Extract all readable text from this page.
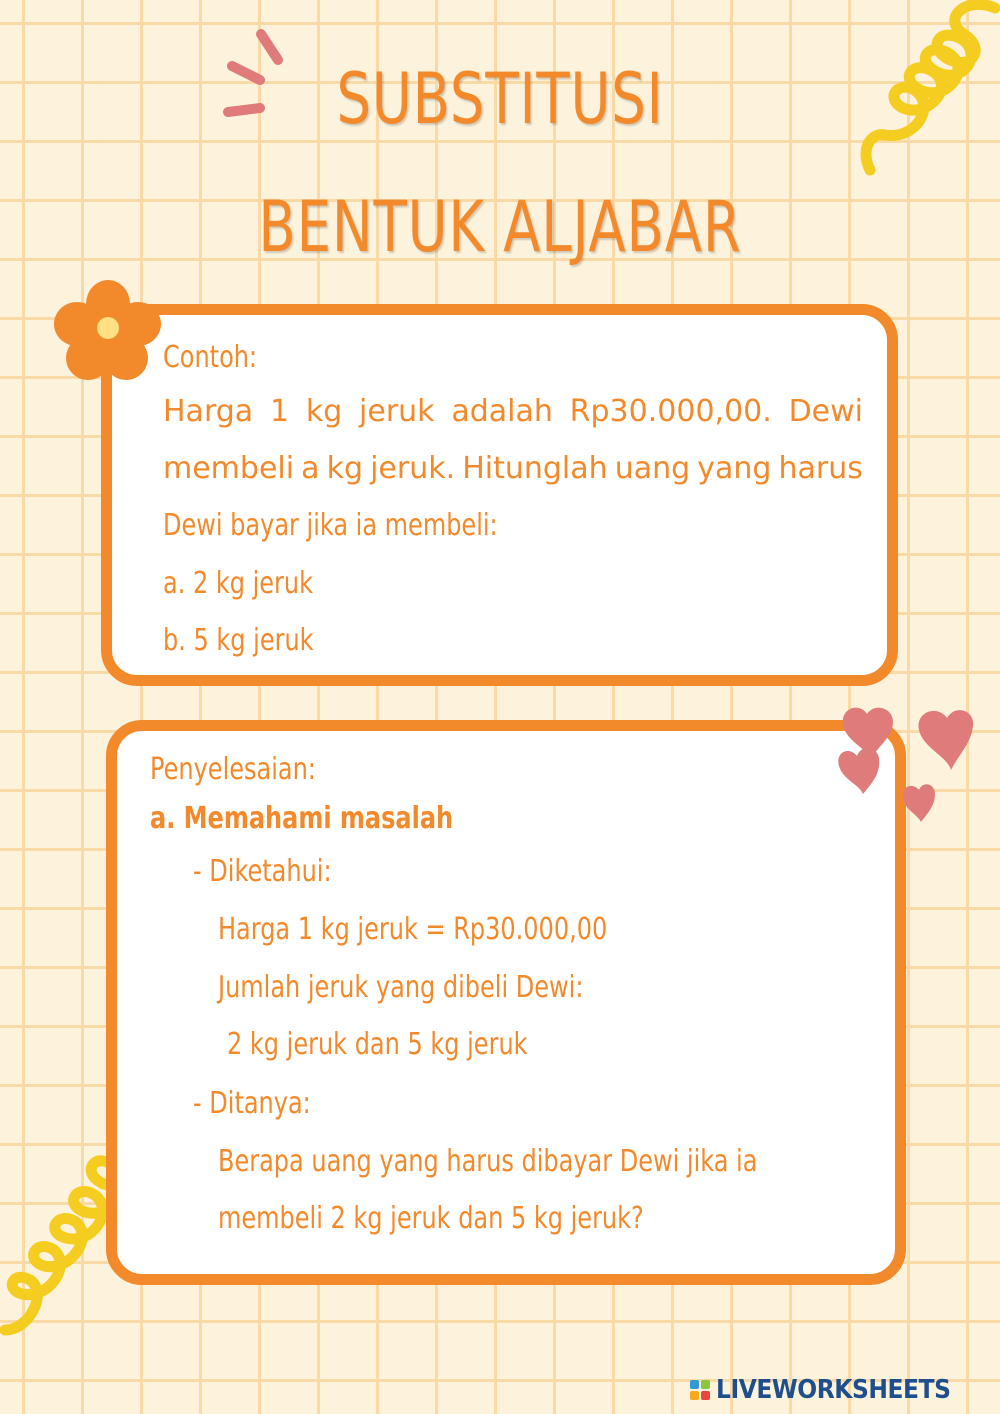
SUBSTITUSI
BENTUK ALJABAR
Contoh:
Harga 1 kg jeruk adalah Rp30.000,00. Dewi
membeli a kg jeruk. Hitunglah uang yang harus
Dewi bayar jika ia membeli:
a. 2 kg jeruk
b. 5 kg jeruk
Penyelesaian:
a. Memahami masalah
- Diketahui:
Harga 1 kg jeruk = Rp30.000,00
Jumlah jeruk yang dibeli Dewi:
2 kg jeruk dan 5 kg jeruk
- Ditanya:
Berapa uang yang harus dibayar Dewi jika ia
membeli 2 kg jeruk dan 5 kg jeruk?
LIVEWORKSHEETS
